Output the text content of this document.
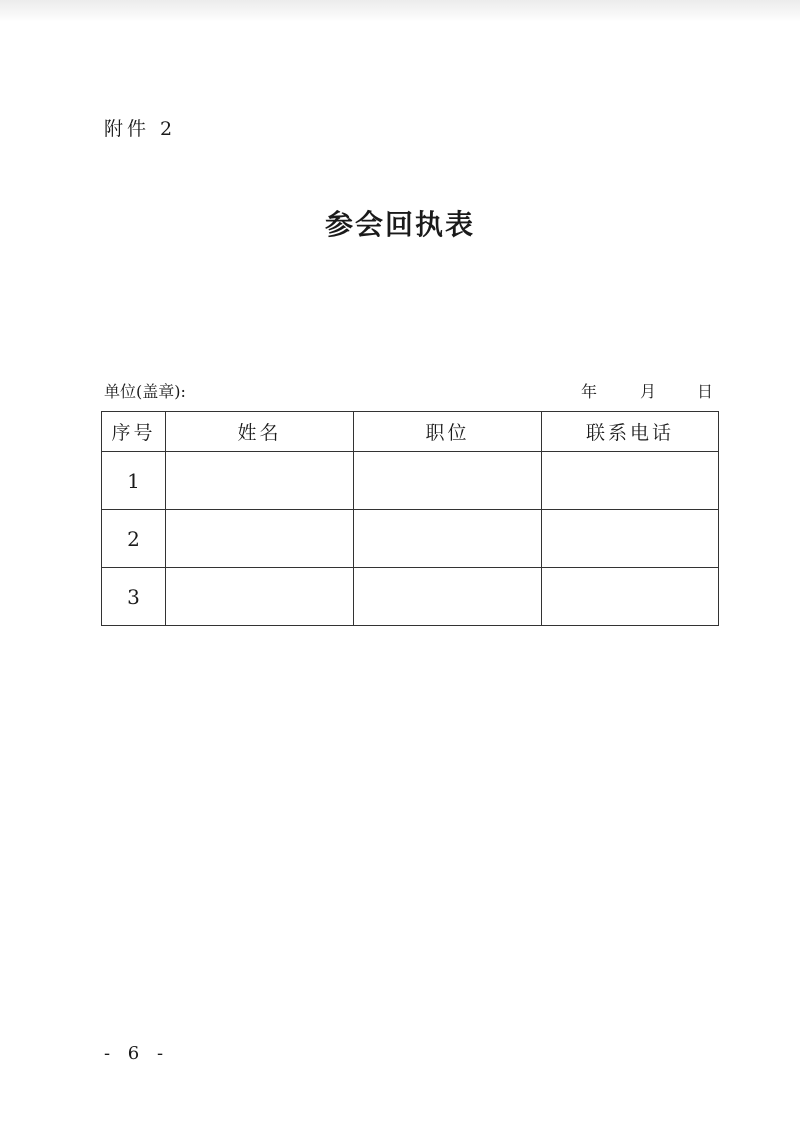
附件 2
参会回执表
单位(盖章):	年	月	日
序号	姓名	职位	联系电话
1			
2			
3			
- 6 -
